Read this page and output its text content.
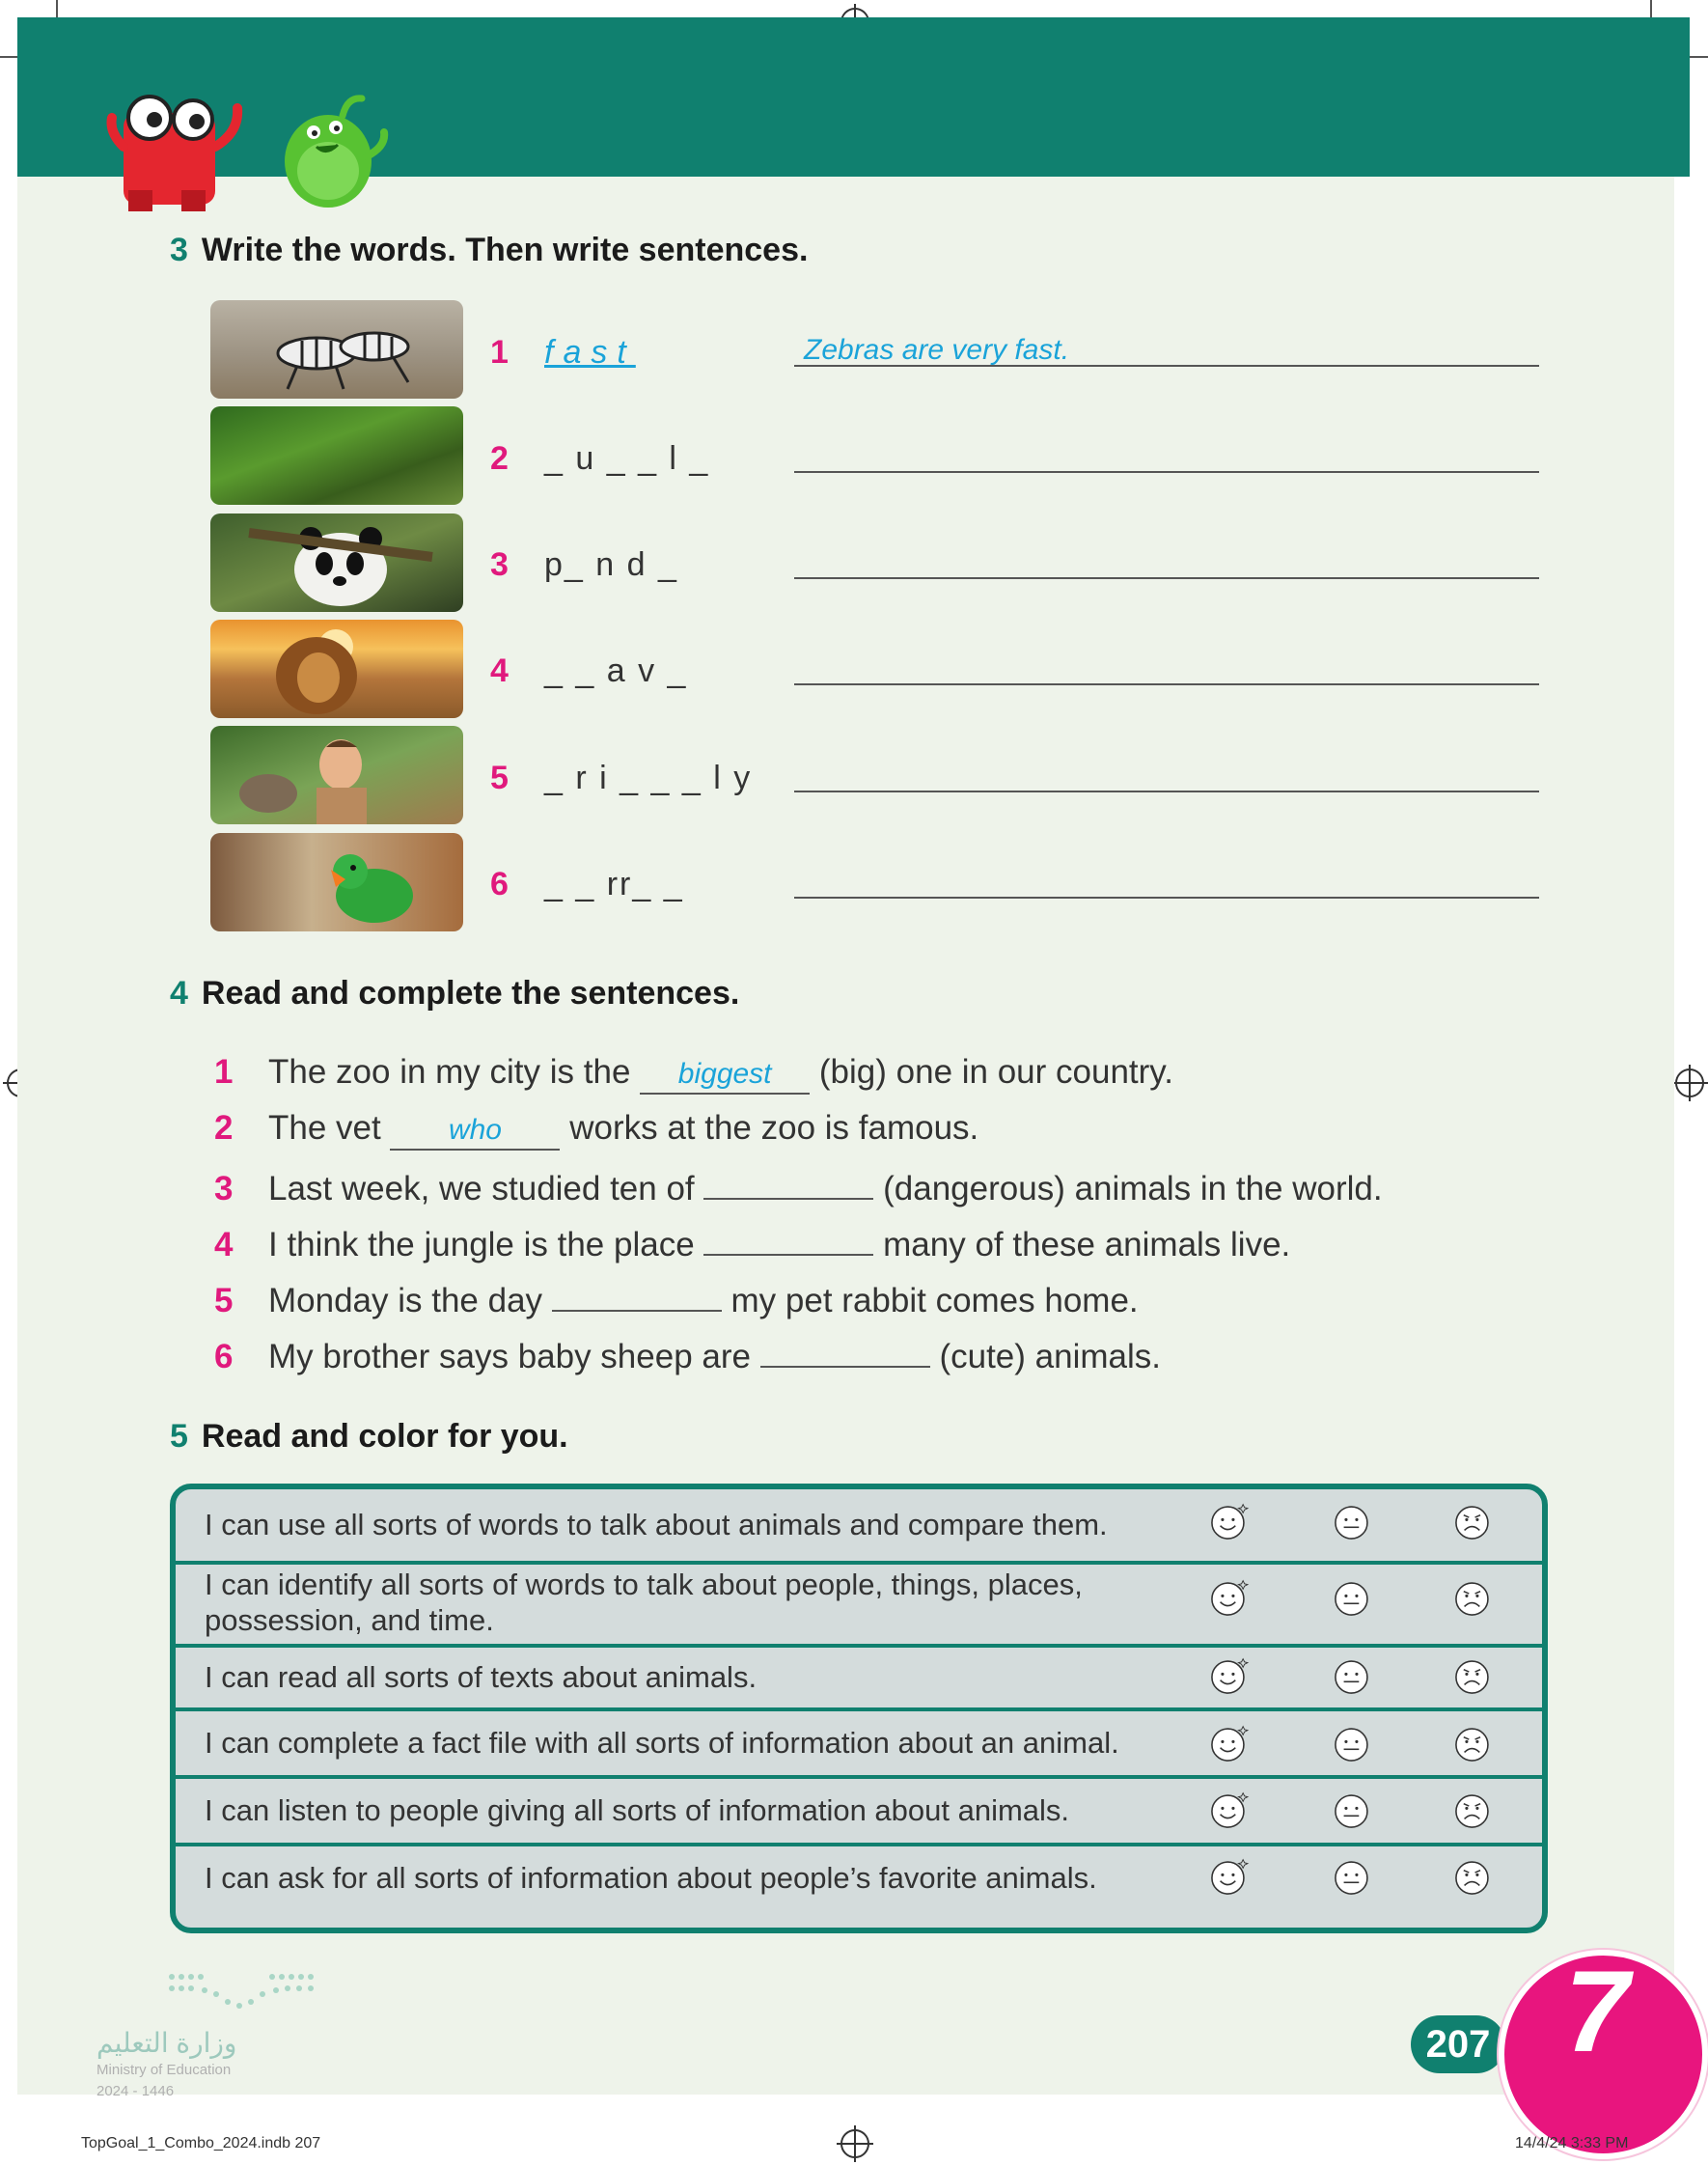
3 Write the words. Then write sentences.
1 fast	Zebras are very fast.
2 _ u _ _ l _
3 p_ n d _
4 _ _ a v _
5 _ r i _ _ _ l y
6 _ _ rr_ _
4 Read and complete the sentences.
1 The zoo in my city is the biggest (big) one in our country.
2 The vet who works at the zoo is famous.
3 Last week, we studied ten of	(dangerous) animals in the world.
4 I think the jungle is the place	many of these animals live.
5 Monday is the day	my pet rabbit comes home.
6 My brother says baby sheep are	(cute) animals.
5 Read and color for you.
I can use all sorts of words to talk about animals and compare them.
I can identify all sorts of words to talk about people, things, places,
possession, and time.
I can read all sorts of texts about animals.
I can complete a fact file with all sorts of information about an animal.
I can listen to people giving all sorts of information about animals.
I can ask for all sorts of information about people’s favorite animals.
وزارة التعليم
Ministry of Education
2024 - 1446
207 7
TopGoal_1_Combo_2024.indb 207	14/4/24 3:33 PM
